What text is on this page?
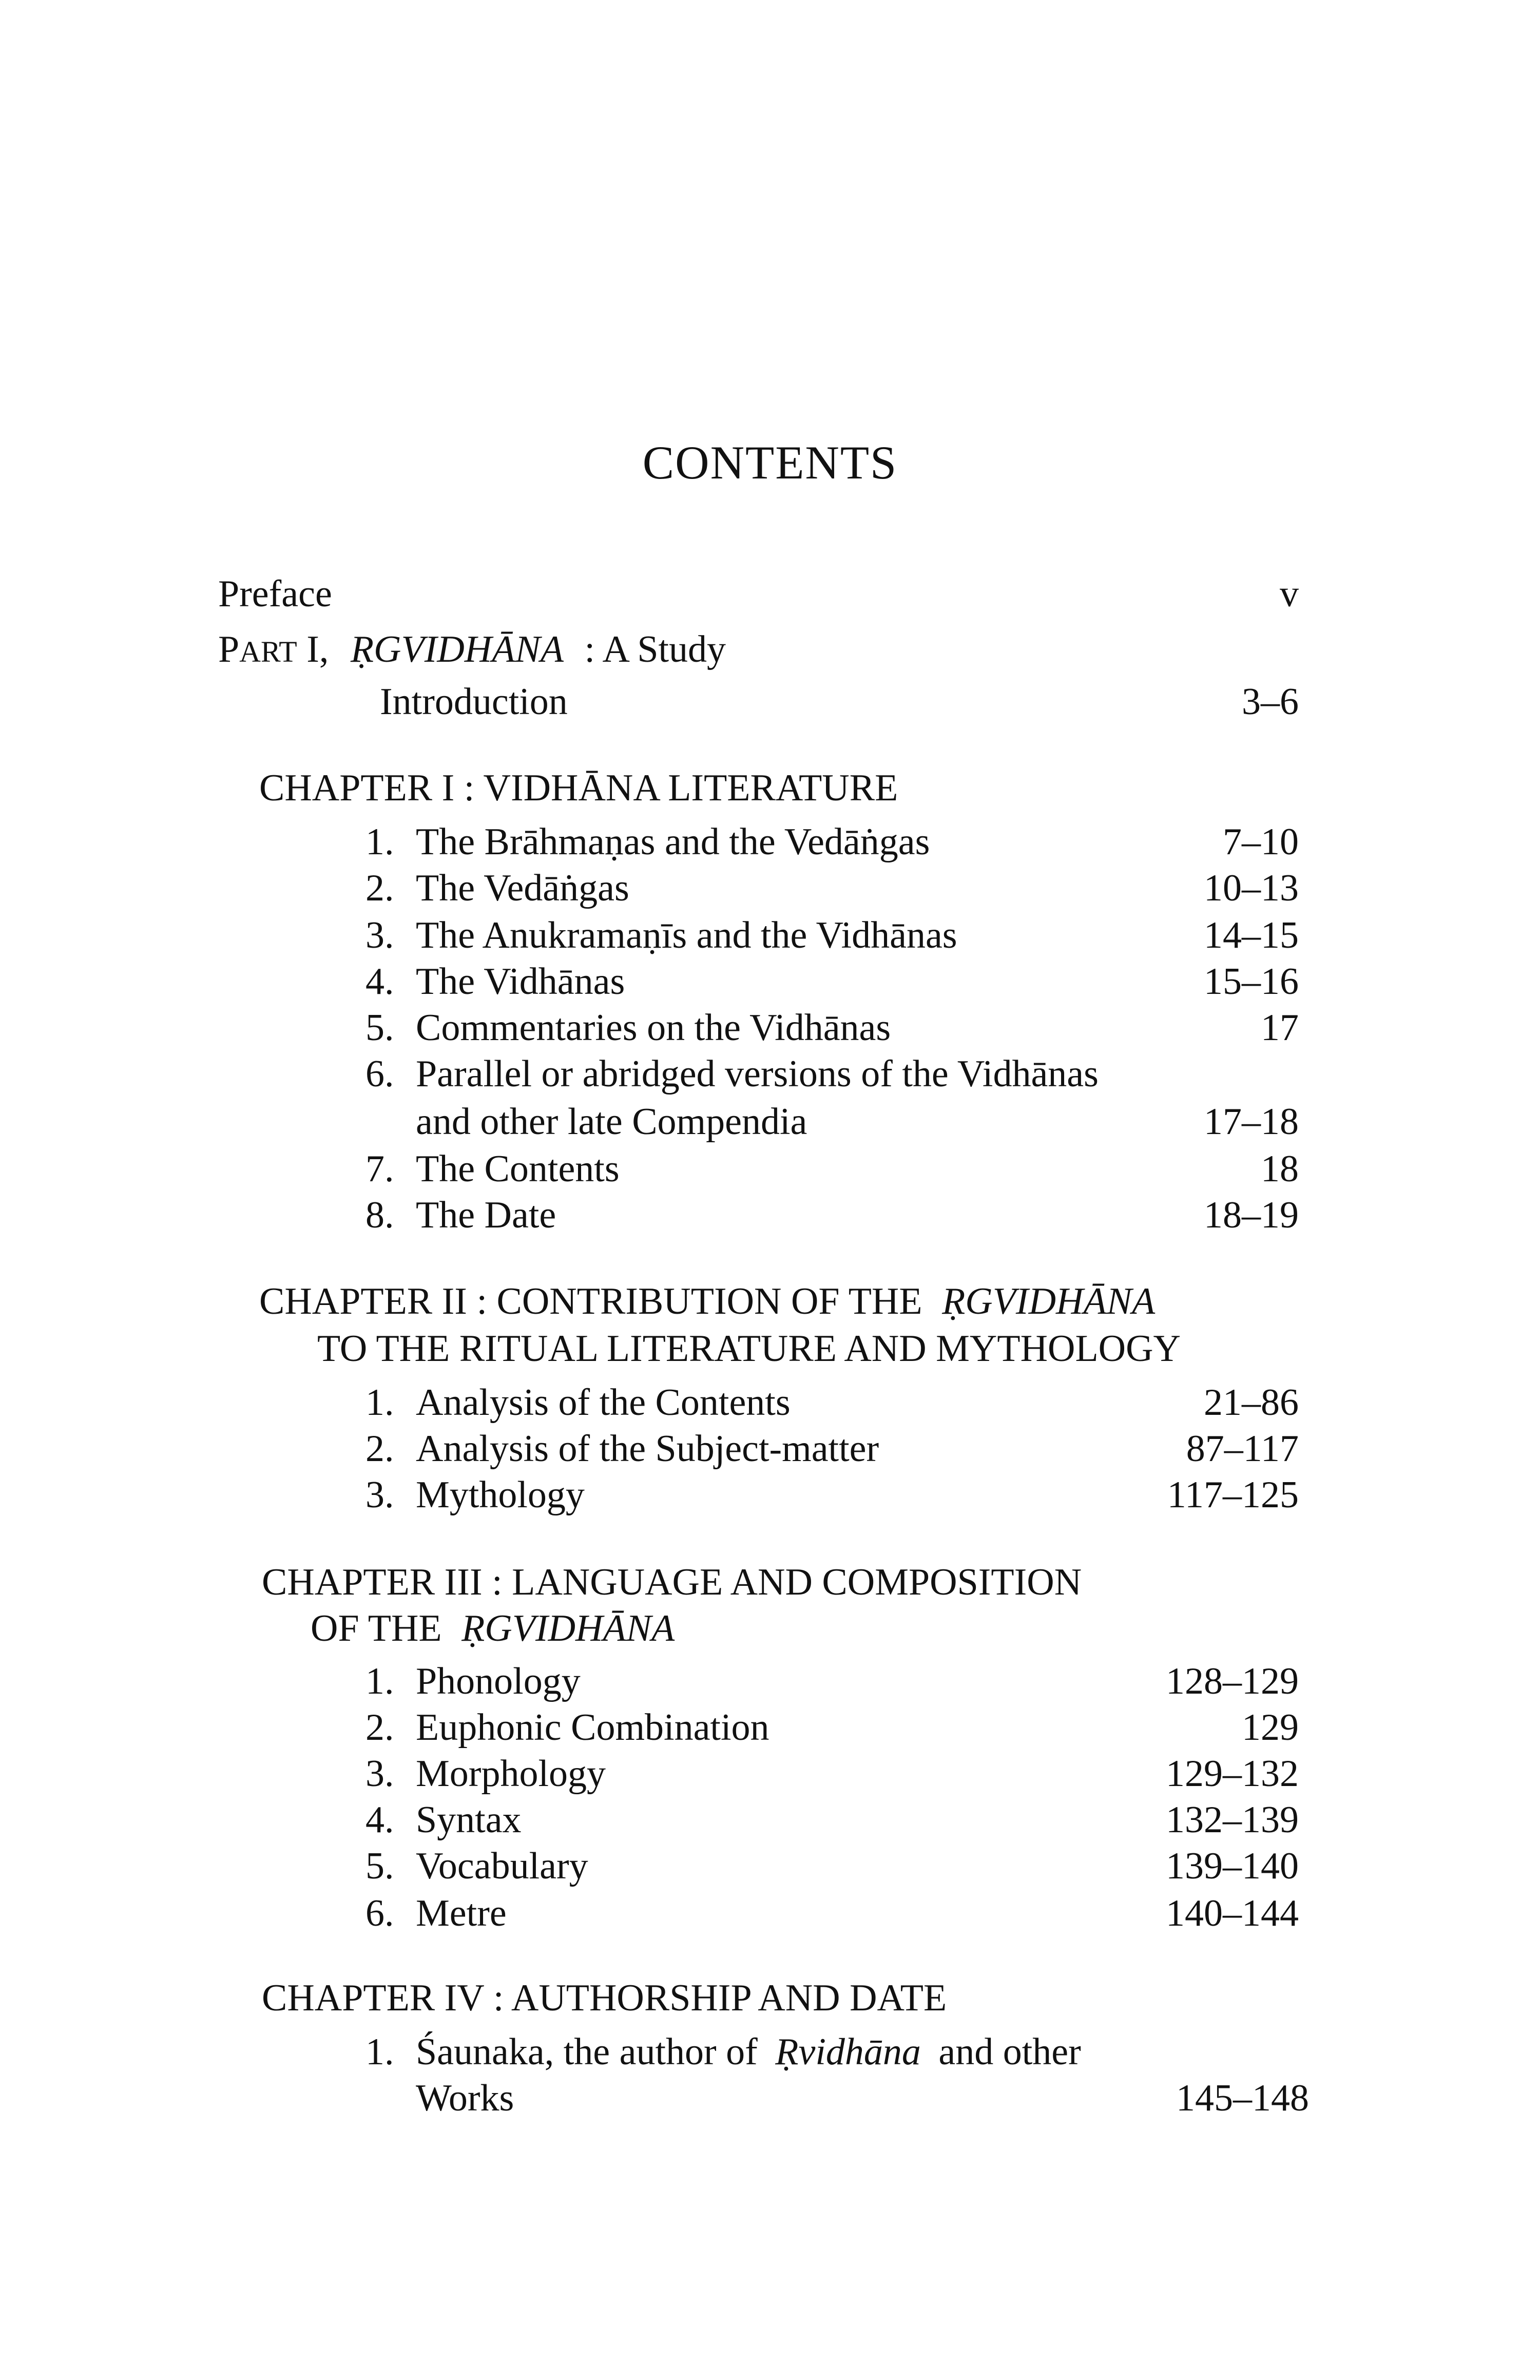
CONTENTS
Preface	v
PART I, ṚGVIDHĀNA : A Study
Introduction	3–6
CHAPTER I : VIDHĀNA LITERATURE
1. The Brāhmaṇas and the Vedāṅgas	7–10
2. The Vedāṅgas	10–13
3. The Anukramaṇīs and the Vidhānas	14–15
4. The Vidhānas	15–16
5. Commentaries on the Vidhānas	17
6. Parallel or abridged versions of the Vidhānas
and other late Compendia	17–18
7. The Contents	18
8. The Date	18–19
CHAPTER II : CONTRIBUTION OF THE ṚGVIDHĀNA
TO THE RITUAL LITERATURE AND MYTHOLOGY
1. Analysis of the Contents	21–86
2. Analysis of the Subject-matter	87–117
3. Mythology	117–125
CHAPTER III : LANGUAGE AND COMPOSITION
OF THE ṚGVIDHĀNA
1. Phonology	128–129
2. Euphonic Combination	129
3. Morphology	129–132
4. Syntax	132–139
5. Vocabulary	139–140
6. Metre	140–144
CHAPTER IV : AUTHORSHIP AND DATE
1. Śaunaka, the author of Ṛvidhāna and other
Works	145–148
